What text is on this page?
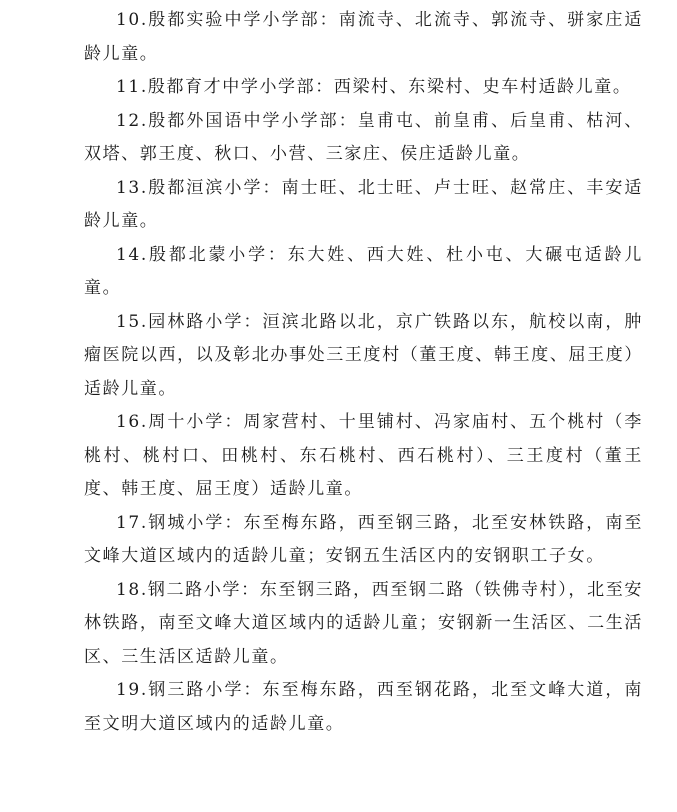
10.殷都实验中学小学部：南流寺、北流寺、郭流寺、骈家庄适龄儿童。

11.殷都育才中学小学部：西梁村、东梁村、史车村适龄儿童。

12.殷都外国语中学小学部：皇甫屯、前皇甫、后皇甫、枯河、双塔、郭王度、秋口、小营、三家庄、侯庄适龄儿童。

13.殷都洹滨小学：南士旺、北士旺、卢士旺、赵常庄、丰安适龄儿童。

14.殷都北蒙小学：东大姓、西大姓、杜小屯、大碾屯适龄儿童。

15.园林路小学：洹滨北路以北，京广铁路以东，航校以南，肿瘤医院以西，以及彰北办事处三王度村（董王度、韩王度、屈王度）适龄儿童。

16.周十小学：周家营村、十里铺村、冯家庙村、五个桃村（李桃村、桃村口、田桃村、东石桃村、西石桃村）、三王度村（董王度、韩王度、屈王度）适龄儿童。

17.钢城小学：东至梅东路，西至钢三路，北至安林铁路，南至文峰大道区域内的适龄儿童；安钢五生活区内的安钢职工子女。

18.钢二路小学：东至钢三路，西至钢二路（铁佛寺村），北至安林铁路，南至文峰大道区域内的适龄儿童；安钢新一生活区、二生活区、三生活区适龄儿童。

19.钢三路小学：东至梅东路，西至钢花路，北至文峰大道，南至文明大道区域内的适龄儿童。
